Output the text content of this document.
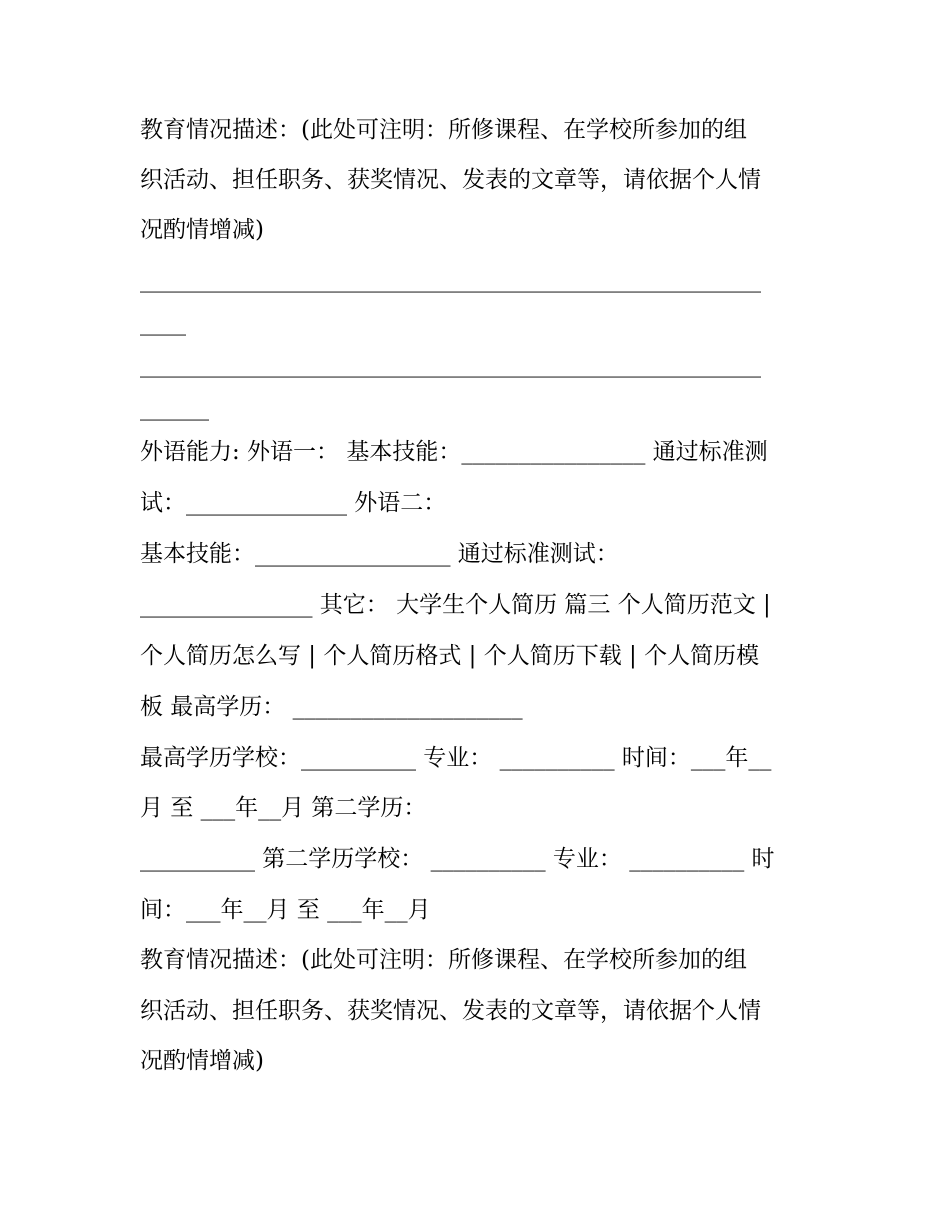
教育情况描述：(此处可注明：所修课程、在学校所参加的组
织活动、担任职务、获奖情况、发表的文章等，请依据个人情
况酌情增减)
______________________________________________________
____
______________________________________________________
______
外语能力: 外语一： 基本技能：________________ 通过标准测
试：______________ 外语二：
基本技能：_________________ 通过标准测试：
_______________ 其它： 大学生个人简历 篇三 个人简历范文 |
个人简历怎么写 | 个人简历格式 | 个人简历下载 | 个人简历模
板 最高学历： ____________________
最高学历学校：__________ 专业： __________ 时间：___年__
月 至 ___年__月 第二学历：
__________ 第二学历学校： __________ 专业： __________ 时
间：___年__月 至 ___年__月
教育情况描述：(此处可注明：所修课程、在学校所参加的组
织活动、担任职务、获奖情况、发表的文章等，请依据个人情
况酌情增减)
